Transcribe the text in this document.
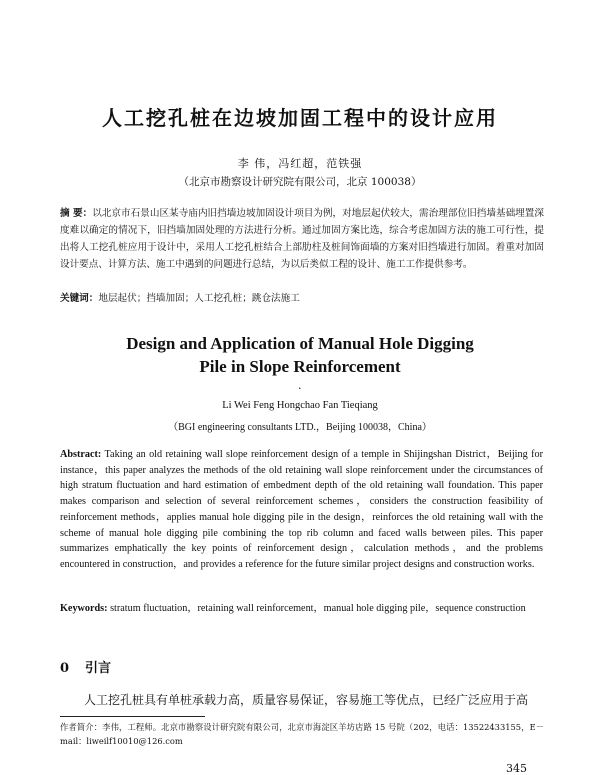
人工挖孔桩在边坡加固工程中的设计应用
李 伟，冯红超，范铁强
（北京市勘察设计研究院有限公司，北京 100038）
摘 要：以北京市石景山区某寺庙内旧挡墙边坡加固设计项目为例，对地层起伏较大，需治理部位旧挡墙基础埋置深度难以确定的情况下，旧挡墙加固处理的方法进行分析。通过加固方案比选，综合考虑加固方法的施工可行性，提出将人工挖孔桩应用于设计中，采用人工挖孔桩结合上部肋柱及桩间饰面墙的方案对旧挡墙进行加固。着重对加固设计要点、计算方法、施工中遇到的问题进行总结，为以后类似工程的设计、施工工作提供参考。
关键词：地层起伏；挡墙加固；人工挖孔桩；跳仓法施工
Design and Application of Manual Hole Digging
Pile in Slope Reinforcement
·
Li Wei Feng Hongchao Fan Tieqiang
（BGI engineering consultants LTD.，Beijing 100038，China）
Abstract: Taking an old retaining wall slope reinforcement design of a temple in Shijingshan District，Beijing for instance，this paper analyzes the methods of the old retaining wall slope reinforcement under the circumstances of high stratum fluctuation and hard estimation of embedment depth of the old retaining wall foundation. This paper makes comparison and selection of several reinforcement schemes，considers the construction feasibility of reinforcement methods，applies manual hole digging pile in the design，reinforces the old retaining wall with the scheme of manual hole digging pile combining the top rib column and faced walls between piles. This paper summarizes emphatically the key points of reinforcement design，calculation methods，and the problems encountered in construction，and provides a reference for the future similar project designs and construction works.
Keywords: stratum fluctuation，retaining wall reinforcement，manual hole digging pile，sequence construction
0 引言
人工挖孔桩具有单桩承载力高，质量容易保证，容易施工等优点，已经广泛应用于高
作者简介：李伟，工程师。北京市勘察设计研究院有限公司，北京市海淀区羊坊店路 15 号院（202，电话：13522433155，E－mail：liweilf10010@126.com
345
